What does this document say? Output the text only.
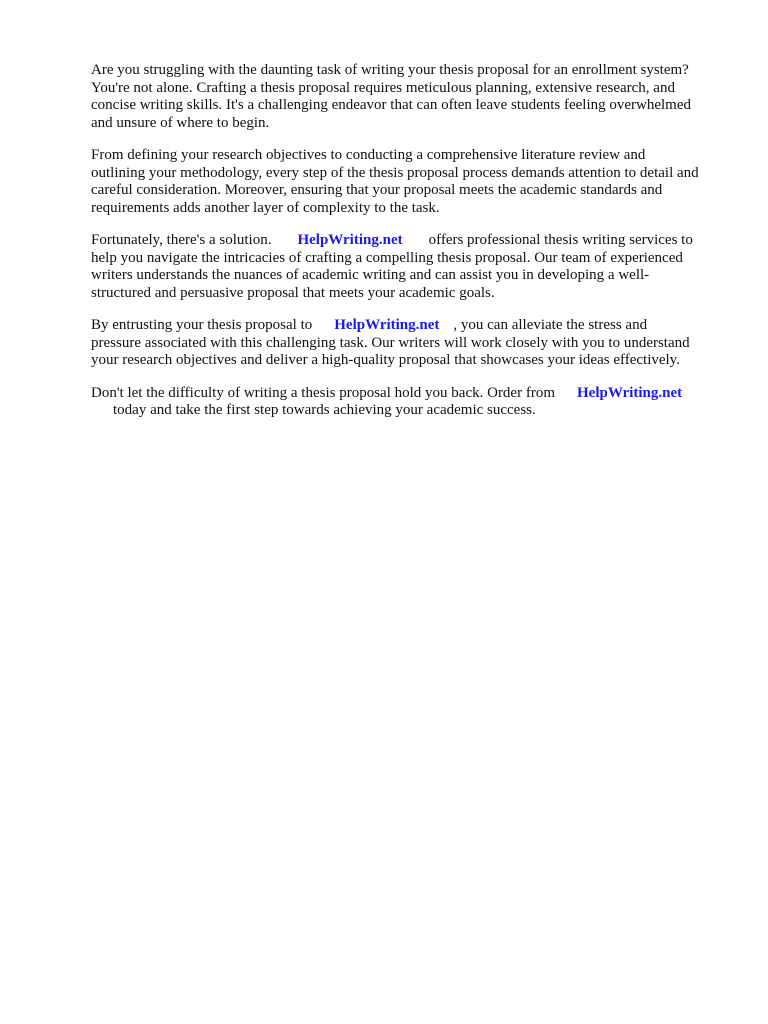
Are you struggling with the daunting task of writing your thesis proposal for an enrollment system?
You're not alone. Crafting a thesis proposal requires meticulous planning, extensive research, and
concise writing skills. It's a challenging endeavor that can often leave students feeling overwhelmed
and unsure of where to begin.
From defining your research objectives to conducting a comprehensive literature review and
outlining your methodology, every step of the thesis proposal process demands attention to detail and
careful consideration. Moreover, ensuring that your proposal meets the academic standards and
requirements adds another layer of complexity to the task.
Fortunately, there's a solution. HelpWriting.net offers professional thesis writing services to
help you navigate the intricacies of crafting a compelling thesis proposal. Our team of experienced
writers understands the nuances of academic writing and can assist you in developing a well-
structured and persuasive proposal that meets your academic goals.
By entrusting your thesis proposal to HelpWriting.net , you can alleviate the stress and
pressure associated with this challenging task. Our writers will work closely with you to understand
your research objectives and deliver a high-quality proposal that showcases your ideas effectively.
Don't let the difficulty of writing a thesis proposal hold you back. Order from HelpWriting.net
today and take the first step towards achieving your academic success.
